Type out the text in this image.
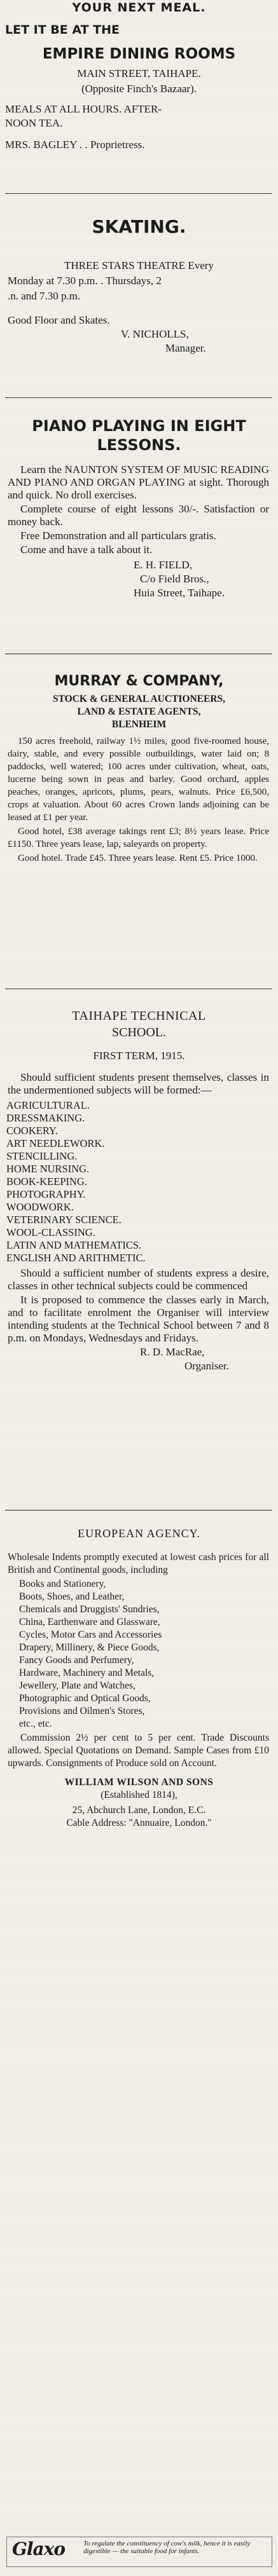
YOUR NEXT MEAL.
LET IT BE AT THE
EMPIRE DINING ROOMS
MAIN STREET, TAIHAPE.
(Opposite Finch's Bazaar).
MEALS AT ALL HOURS. AFTER-
NOON TEA.
MRS. BAGLEY . . Proprietress.
SKATING.
THREE STARS THEATRE Every
Monday at 7.30 p.m. . Thursdays, 2
.n. and 7.30 p.m.
Good Floor and Skates.
V. NICHOLLS,
Manager.
PIANO PLAYING IN EIGHT
LESSONS.
Learn the NAUNTON SYSTEM OF MUSIC READING AND PIANO AND ORGAN PLAYING at sight. Thorough and quick. No droll exercises.
Complete course of eight lessons 30/-. Satisfaction or money back.
Free Demonstration and all particulars gratis.
Come and have a talk about it.
E. H. FIELD,
C/o Field Bros.,
Huia Street, Taihape.
MURRAY & COMPANY,
STOCK & GENERAL AUCTIONEERS,
LAND & ESTATE AGENTS,
BLENHEIM
150 acres freehold, railway 1½ miles, good five-roomed house, dairy, stable, and every possible outbuildings, water laid on; 8 paddocks, well watered; 100 acres under cultivation, wheat, oats, lucerne being sown in peas and barley. Good orchard, apples peaches, oranges, apricots, plums, pears, walnuts. Price £6,500, crops at valuation. About 60 acres Crown lands adjoining can be leased at £1 per year.
Good hotel, £38 average takings rent £3; 8½ years lease. Price £1150. Three years lease, lap, saleyards on property.
Good hotel. Trade £45. Three years lease. Rent £5. Price 1000.
TAIHAPE TECHNICAL
SCHOOL.
FIRST TERM, 1915.
Should sufficient students present themselves, classes in the undermentioned subjects will be formed:—
AGRICULTURAL.
DRESSMAKING.
COOKERY.
ART NEEDLEWORK.
STENCILLING.
HOME NURSING.
BOOK-KEEPING.
PHOTOGRAPHY.
WOODWORK.
VETERINARY SCIENCE.
WOOL-CLASSING.
LATIN AND MATHEMATICS.
ENGLISH AND ARITHMETIC.
Should a sufficient number of students express a desire, classes in other technical subjects could be commenced
It is proposed to commence the classes early in March, and to facilitate enrolment the Organiser will interview intending students at the Technical School between 7 and 8 p.m. on Mondays, Wednesdays and Fridays.
R. D. MacRae,
Organiser.
EUROPEAN AGENCY.
Wholesale Indents promptly executed at lowest cash prices for all British and Continental goods, including
Books and Stationery,
Boots, Shoes, and Leather,
Chemicals and Druggists' Sundries,
China, Earthenware and Glassware,
Cycles, Motor Cars and Accessories
Drapery, Millinery, & Piece Goods,
Fancy Goods and Perfumery,
Hardware, Machinery and Metals,
Jewellery, Plate and Watches,
Photographic and Optical Goods,
Provisions and Oilmen's Stores,
etc., etc.
Commission 2½ per cent to 5 per cent. Trade Discounts allowed. Special Quotations on Demand. Sample Cases from £10 upwards. Consignments of Produce sold on Account.
WILLIAM WILSON AND SONS
(Established 1814),
25, Abchurch Lane, London, E.C.
Cable Address: "Annuaire, London."
Glaxo	To regulate the constituency of cow's milk, hence it is easily digestible — the suitable food for infants.
